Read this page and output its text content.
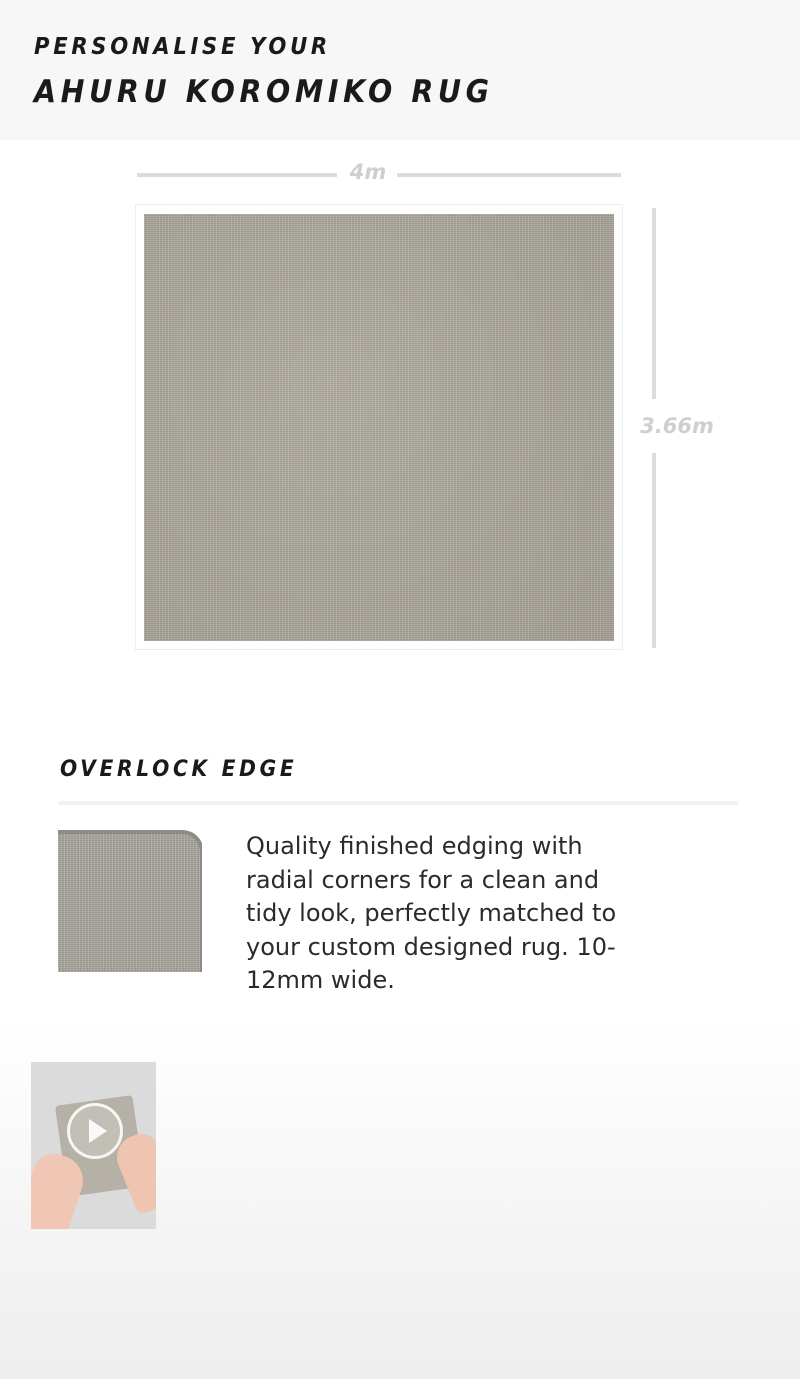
PERSONALISE YOUR
AHURU KOROMIKO RUG
4m
3.66m
OVERLOCK EDGE
Quality finished edging with radial corners for a clean and tidy look, perfectly matched to your custom designed rug. 10-12mm wide.
